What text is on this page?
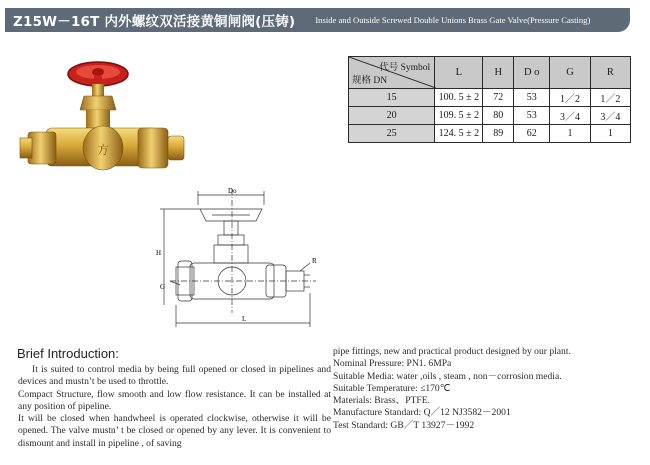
Z15W－16T 内外螺纹双活接黄铜闸阀(压铸) Inside and Outside Screwed Double Unions Brass Gate Valve(Pressure Casting)
方
Do
H
G
R
L
代号 Symbol
规格 DN	L	H	D o	G	R
15	100. 5 ± 2	72	53	1／2	1／2
20	109. 5 ± 2	80	53	3／4	3／4
25	124. 5 ± 2	89	62	1	1
Brief Introduction:

It is suited to control media by being full opened or closed in pipelines and devices and mustn’t be used to throttle.

Compact Structure, flow smooth and low flow resistance. It can be installed at any position of pipeline.

It will be closed when handwheel is operated clockwise, otherwise it will be opened. The valve mustn’ t be closed or opened by any lever. It is convenient to dismount and install in pipeline , of saving

pipe fittings, new and practical product designed by our plant.

Nominal Pressure: PN1. 6MPa

Suitable Media: water ,oils , steam , non－corrosion media.

Suitable Temperature: ≤170℃

Materials: Brass、PTFE.

Manufacture Standard: Q／12 NJ3582－2001

Test Standard: GB／T 13927－1992
